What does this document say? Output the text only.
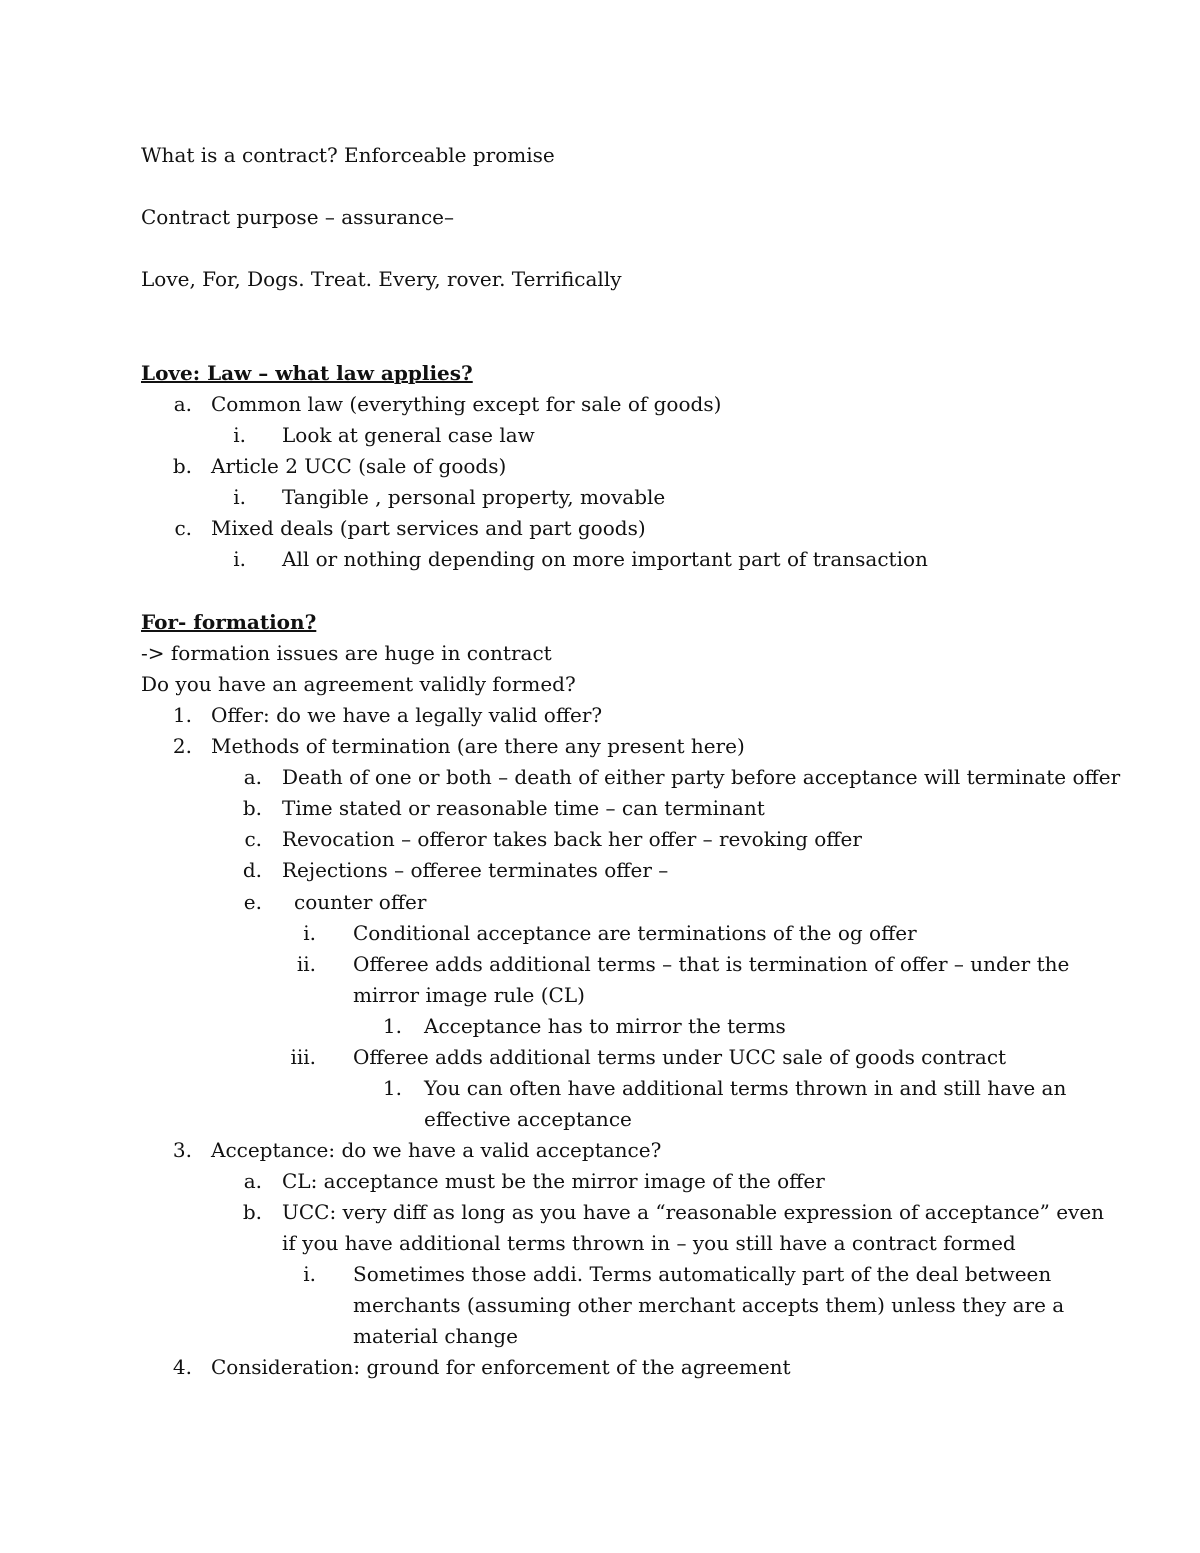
What is a contract? Enforceable promise
Contract purpose – assurance–
Love, For, Dogs. Treat. Every, rover. Terrifically
Love: Law – what law applies?
a. Common law (everything except for sale of goods)
i. Look at general case law
b. Article 2 UCC (sale of goods)
i. Tangible , personal property, movable
c. Mixed deals (part services and part goods)
i. All or nothing depending on more important part of transaction
For- formation?
-> formation issues are huge in contract
Do you have an agreement validly formed?
1. Offer: do we have a legally valid offer?
2. Methods of termination (are there any present here)
a. Death of one or both – death of either party before acceptance will terminate offer
b. Time stated or reasonable time – can terminant
c. Revocation – offeror takes back her offer – revoking offer
d. Rejections – offeree terminates offer –
e. counter offer
i. Conditional acceptance are terminations of the og offer
ii. Offeree adds additional terms – that is termination of offer – under the
mirror image rule (CL)
1. Acceptance has to mirror the terms
iii. Offeree adds additional terms under UCC sale of goods contract
1. You can often have additional terms thrown in and still have an
effective acceptance
3. Acceptance: do we have a valid acceptance?
a. CL: acceptance must be the mirror image of the offer
b. UCC: very diff as long as you have a “reasonable expression of acceptance” even
if you have additional terms thrown in – you still have a contract formed
i. Sometimes those addi. Terms automatically part of the deal between
merchants (assuming other merchant accepts them) unless they are a
material change
4. Consideration: ground for enforcement of the agreement
